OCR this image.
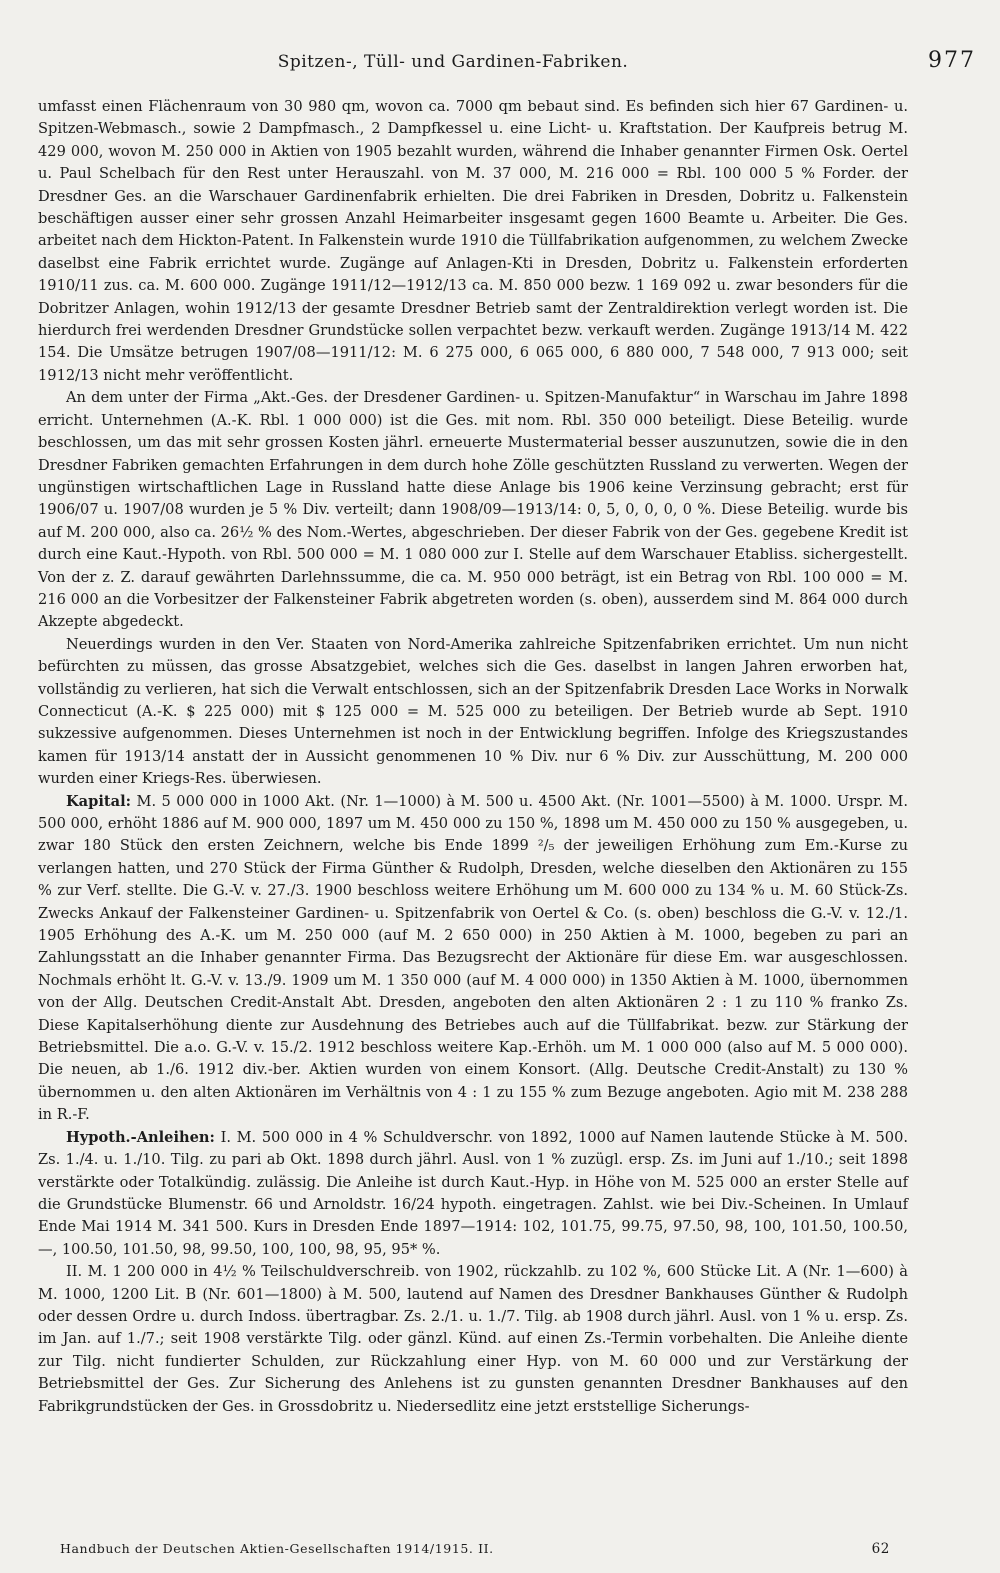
Spitzen-, Tüll- und Gardinen-Fabriken.	977

umfasst einen Flächenraum von 30 980 qm, wovon ca. 7000 qm bebaut sind. Es befinden sich hier 67 Gardinen- u. Spitzen-Webmasch., sowie 2 Dampfmasch., 2 Dampfkessel u. eine Licht- u. Kraftstation. Der Kaufpreis betrug M. 429 000, wovon M. 250 000 in Aktien von 1905 bezahlt wurden, während die Inhaber genannter Firmen Osk. Oertel u. Paul Schelbach für den Rest unter Herauszahl. von M. 37 000, M. 216 000 = Rbl. 100 000 5 % Forder. der Dresdner Ges. an die Warschauer Gardinenfabrik erhielten. Die drei Fabriken in Dresden, Dobritz u. Falkenstein beschäftigen ausser einer sehr grossen Anzahl Heimarbeiter insgesamt gegen 1600 Beamte u. Arbeiter. Die Ges. arbeitet nach dem Hickton-Patent. In Falkenstein wurde 1910 die Tüllfabrikation aufgenommen, zu welchem Zwecke daselbst eine Fabrik errichtet wurde. Zugänge auf Anlagen-Kti in Dresden, Dobritz u. Falkenstein erforderten 1910/11 zus. ca. M. 600 000. Zugänge 1911/12—1912/13 ca. M. 850 000 bezw. 1 169 092 u. zwar besonders für die Dobritzer Anlagen, wohin 1912/13 der gesamte Dresdner Betrieb samt der Zentraldirektion verlegt worden ist. Die hierdurch frei werdenden Dresdner Grundstücke sollen verpachtet bezw. verkauft werden. Zugänge 1913/14 M. 422 154. Die Umsätze betrugen 1907/08—1911/12: M. 6 275 000, 6 065 000, 6 880 000, 7 548 000, 7 913 000; seit 1912/13 nicht mehr veröffentlicht.

An dem unter der Firma „Akt.-Ges. der Dresdener Gardinen- u. Spitzen-Manufaktur“ in Warschau im Jahre 1898 erricht. Unternehmen (A.-K. Rbl. 1 000 000) ist die Ges. mit nom. Rbl. 350 000 beteiligt. Diese Beteilig. wurde beschlossen, um das mit sehr grossen Kosten jährl. erneuerte Mustermaterial besser auszunutzen, sowie die in den Dresdner Fabriken gemachten Erfahrungen in dem durch hohe Zölle geschützten Russland zu verwerten. Wegen der ungünstigen wirtschaftlichen Lage in Russland hatte diese Anlage bis 1906 keine Verzinsung gebracht; erst für 1906/07 u. 1907/08 wurden je 5 % Div. verteilt; dann 1908/09—1913/14: 0, 5, 0, 0, 0, 0 %. Diese Beteilig. wurde bis auf M. 200 000, also ca. 26½ % des Nom.-Wertes, abgeschrieben. Der dieser Fabrik von der Ges. gegebene Kredit ist durch eine Kaut.-Hypoth. von Rbl. 500 000 = M. 1 080 000 zur I. Stelle auf dem Warschauer Etabliss. sichergestellt. Von der z. Z. darauf gewährten Darlehnssumme, die ca. M. 950 000 beträgt, ist ein Betrag von Rbl. 100 000 = M. 216 000 an die Vorbesitzer der Falkensteiner Fabrik abgetreten worden (s. oben), ausserdem sind M. 864 000 durch Akzepte abgedeckt.

Neuerdings wurden in den Ver. Staaten von Nord-Amerika zahlreiche Spitzenfabriken errichtet. Um nun nicht befürchten zu müssen, das grosse Absatzgebiet, welches sich die Ges. daselbst in langen Jahren erworben hat, vollständig zu verlieren, hat sich die Verwalt entschlossen, sich an der Spitzenfabrik Dresden Lace Works in Norwalk Connecticut (A.-K. $ 225 000) mit $ 125 000 = M. 525 000 zu beteiligen. Der Betrieb wurde ab Sept. 1910 sukzessive aufgenommen. Dieses Unternehmen ist noch in der Entwicklung begriffen. Infolge des Kriegszustandes kamen für 1913/14 anstatt der in Aussicht genommenen 10 % Div. nur 6 % Div. zur Ausschüttung, M. 200 000 wurden einer Kriegs-Res. überwiesen.

Kapital: M. 5 000 000 in 1000 Akt. (Nr. 1—1000) à M. 500 u. 4500 Akt. (Nr. 1001—5500) à M. 1000. Urspr. M. 500 000, erhöht 1886 auf M. 900 000, 1897 um M. 450 000 zu 150 %, 1898 um M. 450 000 zu 150 % ausgegeben, u. zwar 180 Stück den ersten Zeichnern, welche bis Ende 1899 ²/₅ der jeweiligen Erhöhung zum Em.-Kurse zu verlangen hatten, und 270 Stück der Firma Günther & Rudolph, Dresden, welche dieselben den Aktionären zu 155 % zur Verf. stellte. Die G.-V. v. 27./3. 1900 beschloss weitere Erhöhung um M. 600 000 zu 134 % u. M. 60 Stück-Zs. Zwecks Ankauf der Falkensteiner Gardinen- u. Spitzenfabrik von Oertel & Co. (s. oben) beschloss die G.-V. v. 12./1. 1905 Erhöhung des A.-K. um M. 250 000 (auf M. 2 650 000) in 250 Aktien à M. 1000, begeben zu pari an Zahlungsstatt an die Inhaber genannter Firma. Das Bezugsrecht der Aktionäre für diese Em. war ausgeschlossen. Nochmals erhöht lt. G.-V. v. 13./9. 1909 um M. 1 350 000 (auf M. 4 000 000) in 1350 Aktien à M. 1000, übernommen von der Allg. Deutschen Credit-Anstalt Abt. Dresden, angeboten den alten Aktionären 2 : 1 zu 110 % franko Zs. Diese Kapitalserhöhung diente zur Ausdehnung des Betriebes auch auf die Tüllfabrikat. bezw. zur Stärkung der Betriebsmittel. Die a.o. G.-V. v. 15./2. 1912 beschloss weitere Kap.-Erhöh. um M. 1 000 000 (also auf M. 5 000 000). Die neuen, ab 1./6. 1912 div.-ber. Aktien wurden von einem Konsort. (Allg. Deutsche Credit-Anstalt) zu 130 % übernommen u. den alten Aktionären im Verhältnis von 4 : 1 zu 155 % zum Bezuge angeboten. Agio mit M. 238 288 in R.-F.

Hypoth.-Anleihen: I. M. 500 000 in 4 % Schuldverschr. von 1892, 1000 auf Namen lautende Stücke à M. 500. Zs. 1./4. u. 1./10. Tilg. zu pari ab Okt. 1898 durch jährl. Ausl. von 1 % zuzügl. ersp. Zs. im Juni auf 1./10.; seit 1898 verstärkte oder Totalkündig. zulässig. Die Anleihe ist durch Kaut.-Hyp. in Höhe von M. 525 000 an erster Stelle auf die Grundstücke Blumenstr. 66 und Arnoldstr. 16/24 hypoth. eingetragen. Zahlst. wie bei Div.-Scheinen. In Umlauf Ende Mai 1914 M. 341 500. Kurs in Dresden Ende 1897—1914: 102, 101.75, 99.75, 97.50, 98, 100, 101.50, 100.50, —, 100.50, 101.50, 98, 99.50, 100, 100, 98, 95, 95* %.

II. M. 1 200 000 in 4½ % Teilschuldverschreib. von 1902, rückzahlb. zu 102 %, 600 Stücke Lit. A (Nr. 1—600) à M. 1000, 1200 Lit. B (Nr. 601—1800) à M. 500, lautend auf Namen des Dresdner Bankhauses Günther & Rudolph oder dessen Ordre u. durch Indoss. übertragbar. Zs. 2./1. u. 1./7. Tilg. ab 1908 durch jährl. Ausl. von 1 % u. ersp. Zs. im Jan. auf 1./7.; seit 1908 verstärkte Tilg. oder gänzl. Künd. auf einen Zs.-Termin vorbehalten. Die Anleihe diente zur Tilg. nicht fundierter Schulden, zur Rückzahlung einer Hyp. von M. 60 000 und zur Verstärkung der Betriebsmittel der Ges. Zur Sicherung des Anlehens ist zu gunsten genannten Dresdner Bankhauses auf den Fabrikgrundstücken der Ges. in Grossdobritz u. Niedersedlitz eine jetzt erststellige Sicherungs-

Handbuch der Deutschen Aktien-Gesellschaften 1914/1915. II.	62
